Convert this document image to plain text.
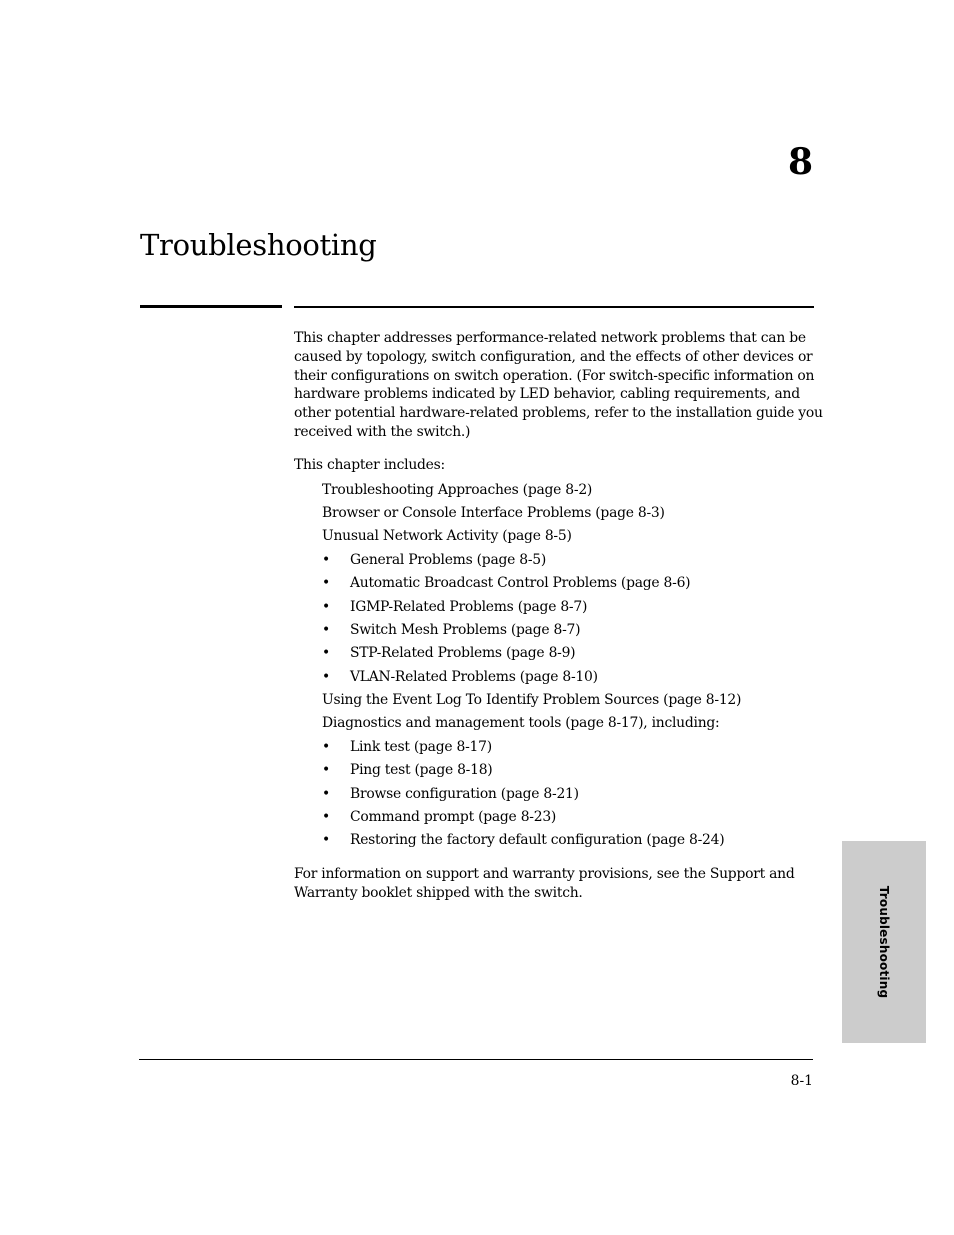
8
Troubleshooting

This chapter addresses performance-related network problems that can be
caused by topology, switch configuration, and the effects of other devices or
their configurations on switch operation. (For switch-specific information on
hardware problems indicated by LED behavior, cabling requirements, and
other potential hardware-related problems, refer to the installation guide you
received with the switch.)

This chapter includes:

Troubleshooting Approaches (page 8-2)
Browser or Console Interface Problems (page 8-3)
Unusual Network Activity (page 8-5)
• General Problems (page 8-5)
• Automatic Broadcast Control Problems (page 8-6)
• IGMP-Related Problems (page 8-7)
• Switch Mesh Problems (page 8-7)
• STP-Related Problems (page 8-9)
• VLAN-Related Problems (page 8-10)
Using the Event Log To Identify Problem Sources (page 8-12)
Diagnostics and management tools (page 8-17), including:
• Link test (page 8-17)
• Ping test (page 8-18)
• Browse configuration (page 8-21)
• Command prompt (page 8-23)
• Restoring the factory default configuration (page 8-24)

For information on support and warranty provisions, see the Support and
Warranty booklet shipped with the switch.

8-1
Troubleshooting
